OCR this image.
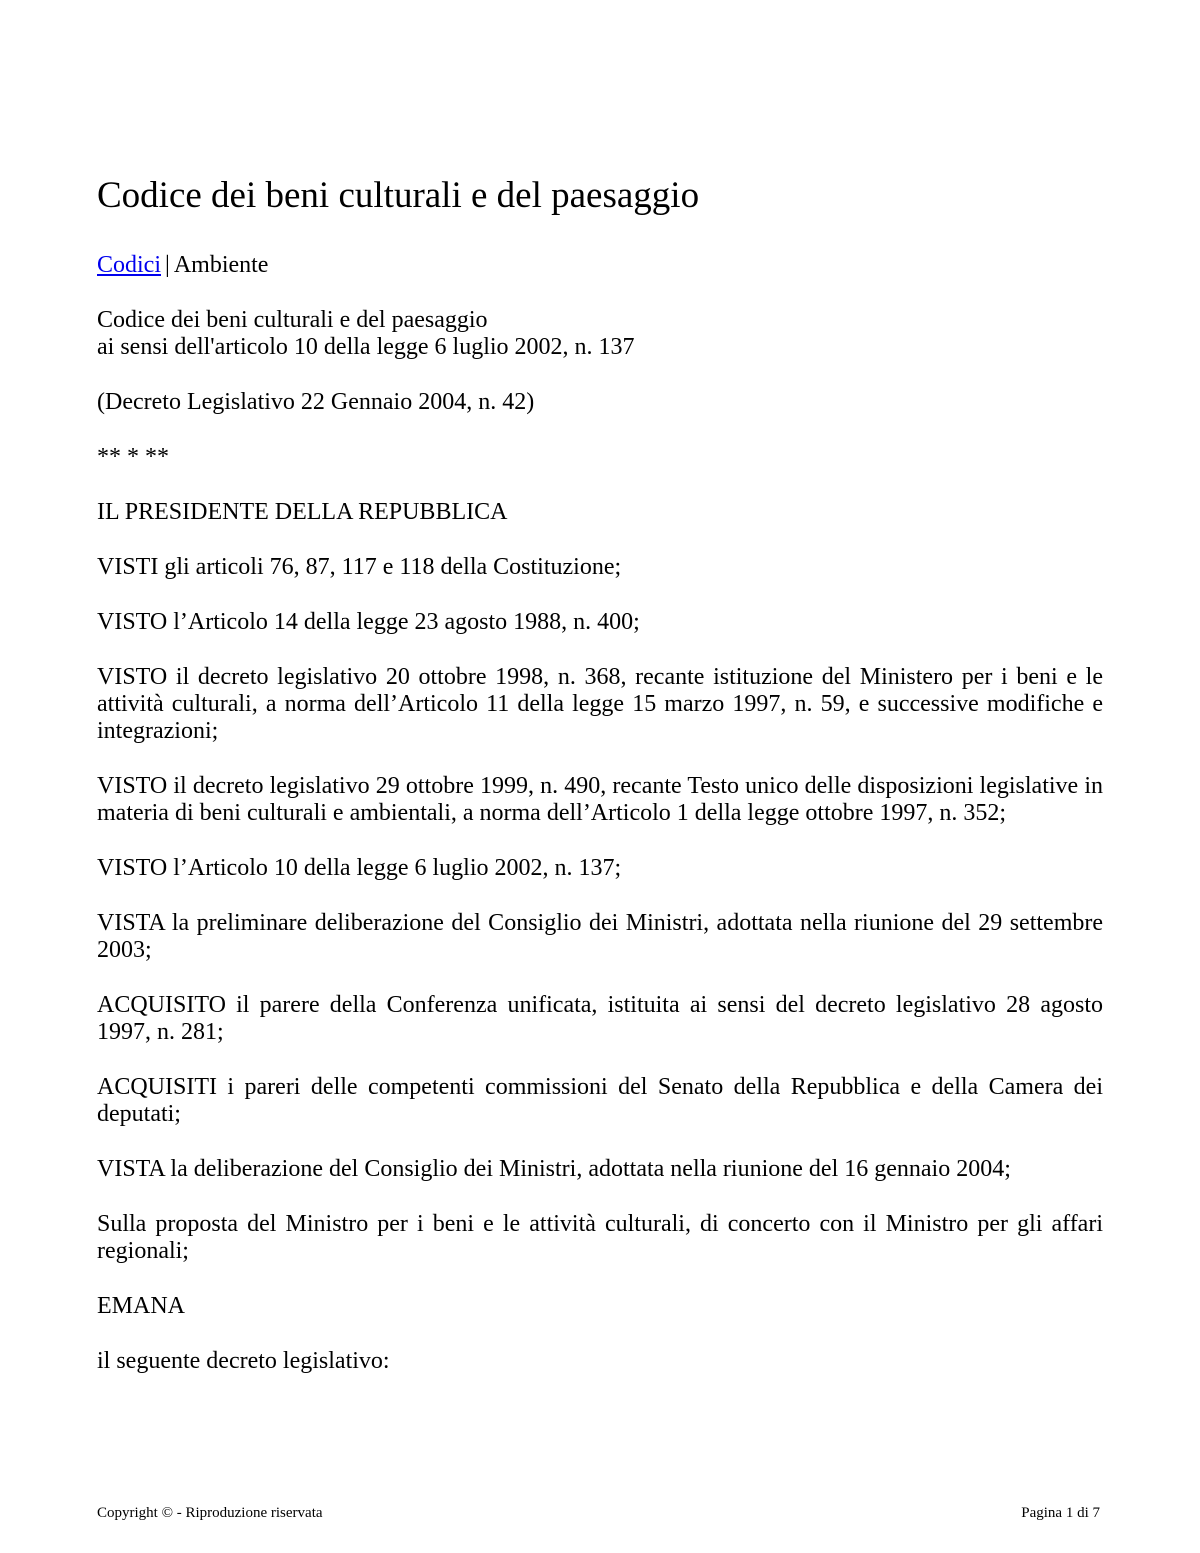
Codice dei beni culturali e del paesaggio

Codici | Ambiente

Codice dei beni culturali e del paesaggio
ai sensi dell'articolo 10 della legge 6 luglio 2002, n. 137

(Decreto Legislativo 22 Gennaio 2004, n. 42)

** * **

IL PRESIDENTE DELLA REPUBBLICA

VISTI gli articoli 76, 87, 117 e 118 della Costituzione;

VISTO l’Articolo 14 della legge 23 agosto 1988, n. 400;

VISTO il decreto legislativo 20 ottobre 1998, n. 368, recante istituzione del Ministero per i beni e le attività culturali, a norma dell’Articolo 11 della legge 15 marzo 1997, n. 59, e successive modifiche e integrazioni;

VISTO il decreto legislativo 29 ottobre 1999, n. 490, recante Testo unico delle disposizioni legislative in materia di beni culturali e ambientali, a norma dell’Articolo 1 della legge ottobre 1997, n. 352;

VISTO l’Articolo 10 della legge 6 luglio 2002, n. 137;

VISTA la preliminare deliberazione del Consiglio dei Ministri, adottata nella riunione del 29 settembre 2003;

ACQUISITO il parere della Conferenza unificata, istituita ai sensi del decreto legislativo 28 agosto 1997, n. 281;

ACQUISITI i pareri delle competenti commissioni del Senato della Repubblica e della Camera dei deputati;

VISTA la deliberazione del Consiglio dei Ministri, adottata nella riunione del 16 gennaio 2004;

Sulla proposta del Ministro per i beni e le attività culturali, di concerto con il Ministro per gli affari regionali;

EMANA

il seguente decreto legislativo:

Copyright © - Riproduzione riservata	Pagina 1 di 7
